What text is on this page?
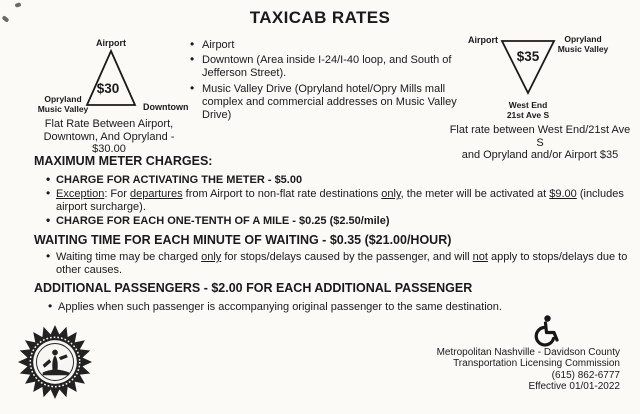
TAXICAB RATES
Airport
$30
Opryland
Music Valley	Downtown
Flat Rate Between Airport,
Downtown, And Opryland - $30.00
• Airport
• Downtown (Area inside I-24/I-40 loop, and South of Jefferson Street).
• Music Valley Drive (Opryland hotel/Opry Mills mall complex and commercial addresses on Music Valley Drive)
Airport	Opryland
Music Valley
$35
West End
21st Ave S
Flat rate between West End/21st Ave S
and Opryland and/or Airport $35
MAXIMUM METER CHARGES:
• CHARGE FOR ACTIVATING THE METER - $5.00
• Exception: For departures from Airport to non-flat rate destinations only, the meter will be activated at $9.00 (includes airport surcharge).
• CHARGE FOR EACH ONE-TENTH OF A MILE - $0.25 ($2.50/mile)
WAITING TIME FOR EACH MINUTE OF WAITING - $0.35 ($21.00/HOUR)
• Waiting time may be charged only for stops/delays caused by the passenger, and will not apply to stops/delays due to other causes.
ADDITIONAL PASSENGERS - $2.00 FOR EACH ADDITIONAL PASSENGER
• Applies when such passenger is accompanying original passenger to the same destination.
Metropolitan Nashville - Davidson County
Transportation Licensing Commission
(615) 862-6777
Effective 01/01-2022
